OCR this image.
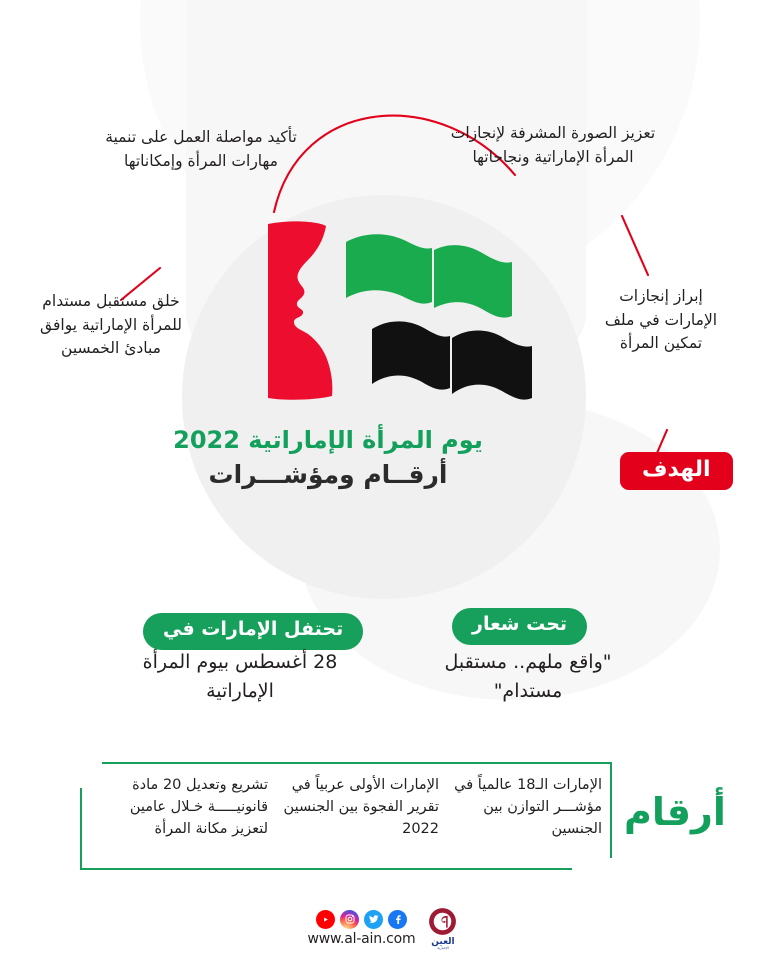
تعزيز الصورة المشرفة لإنجازات المرأة الإماراتية ونجاحاتها
تأكيد مواصلة العمل على تنمية مهارات المرأة وإمكاناتها
خلق مستقبل مستدام للمرأة الإماراتية يوافق مبادئ الخمسين
إبراز إنجازات الإمارات في ملف تمكين المرأة
يوم المرأة الإماراتية 2022
أرقــام ومؤشـــرات	الهدف
تحت شعار
"واقع ملهم.. مستقبل مستدام"
تحتفل الإمارات في
28 أغسطس بيوم المرأة الإماراتية
أرقام
الإمارات الـ18 عالمياً في مؤشـــر التوازن بين الجنسين
الإمارات الأولى عربياً في تقرير الفجوة بين الجنسين 2022
تشريع وتعديل 20 مادة قانونيـــــة خـلال عامين لتعزيز مكانة المرأة
www.al-ain.com العين
الإخبارية
